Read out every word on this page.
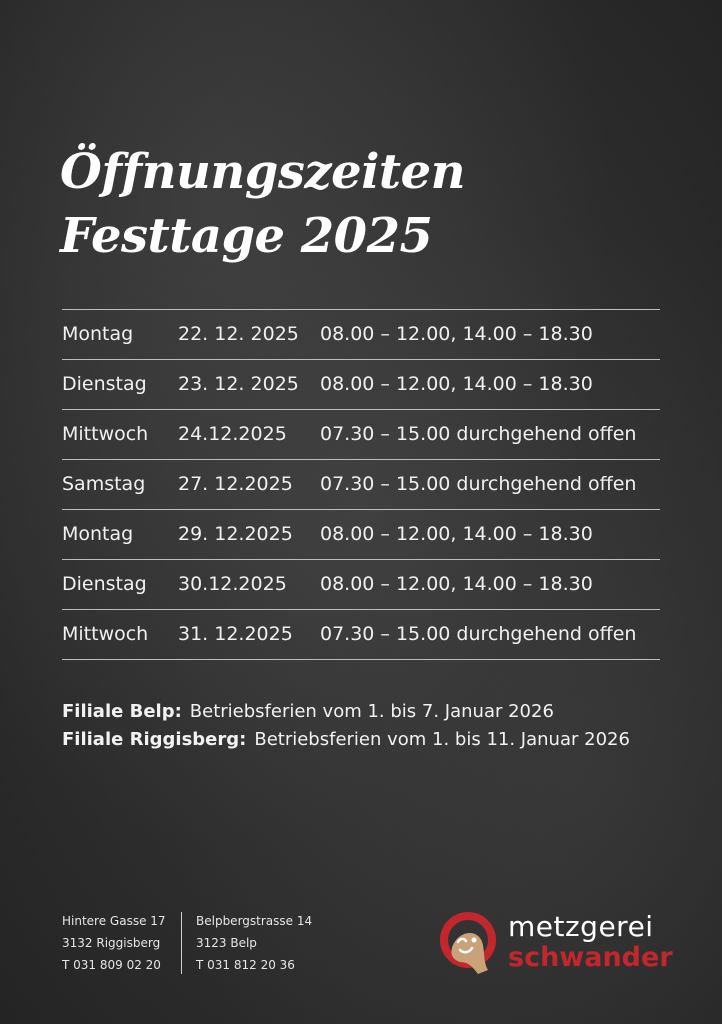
Öffnungszeiten
Festtage 2025
Montag 22. 12. 2025 08.00 – 12.00, 14.00 – 18.30
Dienstag 23. 12. 2025 08.00 – 12.00, 14.00 – 18.30
Mittwoch 24.12.2025 07.30 – 15.00 durchgehend offen
Samstag 27. 12.2025 07.30 – 15.00 durchgehend offen
Montag 29. 12.2025 08.00 – 12.00, 14.00 – 18.30
Dienstag 30.12.2025 08.00 – 12.00, 14.00 – 18.30
Mittwoch 31. 12.2025 07.30 – 15.00 durchgehend offen
Filiale Belp: Betriebsferien vom 1. bis 7. Januar 2026
Filiale Riggisberg: Betriebsferien vom 1. bis 11. Januar 2026
Hintere Gasse 17
3132 Riggisberg
T 031 809 02 20
Belpbergstrasse 14
3123 Belp
T 031 812 20 36
metzgerei
schwander
